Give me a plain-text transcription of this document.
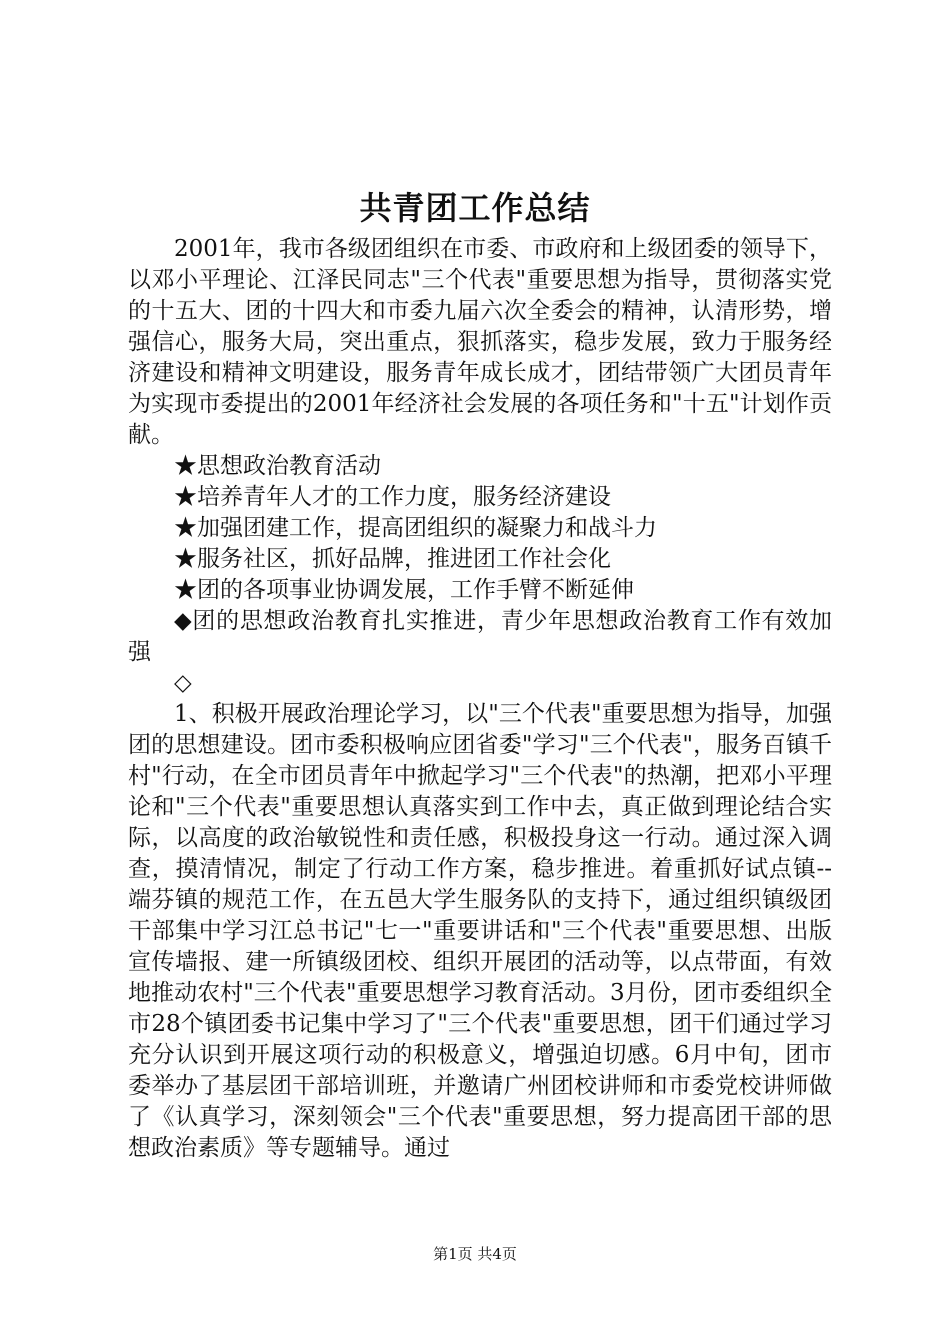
共青团工作总结

2001年，我市各级团组织在市委、市政府和上级团委的领导下，以邓小平理论、江泽民同志"三个代表"重要思想为指导，贯彻落实党的十五大、团的十四大和市委九届六次全委会的精神，认清形势，增强信心，服务大局，突出重点，狠抓落实，稳步发展，致力于服务经济建设和精神文明建设，服务青年成长成才，团结带领广大团员青年为实现市委提出的2001年经济社会发展的各项任务和"十五"计划作贡献。

★思想政治教育活动

★培养青年人才的工作力度，服务经济建设

★加强团建工作，提高团组织的凝聚力和战斗力

★服务社区，抓好品牌，推进团工作社会化

★团的各项事业协调发展，工作手臂不断延伸

◆团的思想政治教育扎实推进，青少年思想政治教育工作有效加强

◇

1、积极开展政治理论学习，以"三个代表"重要思想为指导，加强团的思想建设。团市委积极响应团省委"学习"三个代表"，服务百镇千村"行动，在全市团员青年中掀起学习"三个代表"的热潮，把邓小平理论和"三个代表"重要思想认真落实到工作中去，真正做到理论结合实际，以高度的政治敏锐性和责任感，积极投身这一行动。通过深入调查，摸清情况，制定了行动工作方案，稳步推进。着重抓好试点镇--端芬镇的规范工作，在五邑大学生服务队的支持下，通过组织镇级团干部集中学习江总书记"七一"重要讲话和"三个代表"重要思想、出版宣传墙报、建一所镇级团校、组织开展团的活动等，以点带面，有效地推动农村"三个代表"重要思想学习教育活动。3月份，团市委组织全市28个镇团委书记集中学习了"三个代表"重要思想，团干们通过学习充分认识到开展这项行动的积极意义，增强迫切感。6月中旬，团市委举办了基层团干部培训班，并邀请广州团校讲师和市委党校讲师做了《认真学习，深刻领会"三个代表"重要思想，努力提高团干部的思想政治素质》等专题辅导。通过

第1页 共4页
